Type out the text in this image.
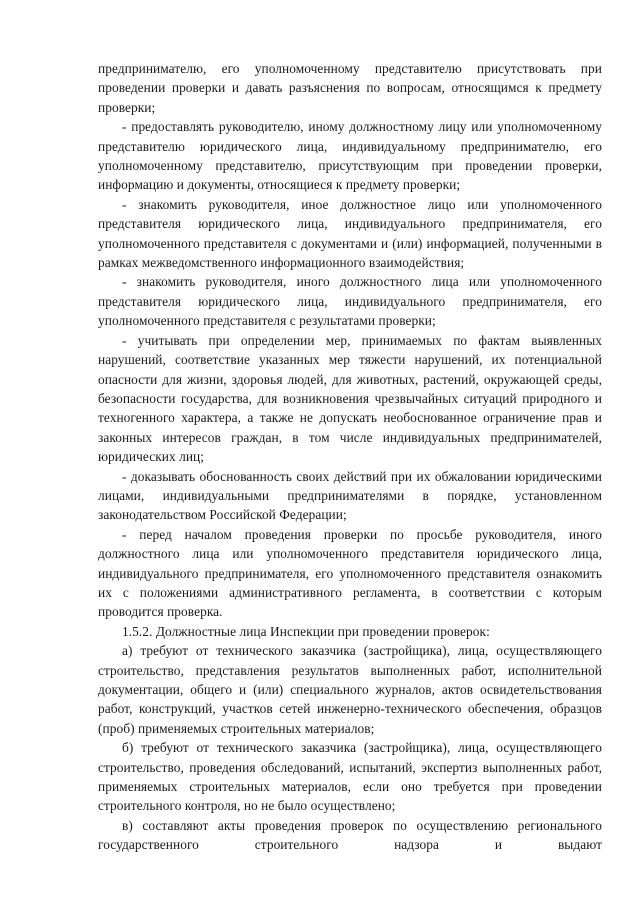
предпринимателю, его уполномоченному представителю присутствовать при проведении проверки и давать разъяснения по вопросам, относящимся к предмету проверки;

- предоставлять руководителю, иному должностному лицу или уполномоченному представителю юридического лица, индивидуальному предпринимателю, его уполномоченному представителю, присутствующим при проведении проверки, информацию и документы, относящиеся к предмету проверки;

- знакомить руководителя, иное должностное лицо или уполномоченного представителя юридического лица, индивидуального предпринимателя, его уполномоченного представителя с документами и (или) информацией, полученными в рамках межведомственного информационного взаимодействия;

- знакомить руководителя, иного должностного лица или уполномоченного представителя юридического лица, индивидуального предпринимателя, его уполномоченного представителя с результатами проверки;

- учитывать при определении мер, принимаемых по фактам выявленных нарушений, соответствие указанных мер тяжести нарушений, их потенциальной опасности для жизни, здоровья людей, для животных, растений, окружающей среды, безопасности государства, для возникновения чрезвычайных ситуаций природного и техногенного характера, а также не допускать необоснованное ограничение прав и законных интересов граждан, в том числе индивидуальных предпринимателей, юридических лиц;

- доказывать обоснованность своих действий при их обжаловании юридическими лицами, индивидуальными предпринимателями в порядке, установленном законодательством Российской Федерации;

- перед началом проведения проверки по просьбе руководителя, иного должностного лица или уполномоченного представителя юридического лица, индивидуального предпринимателя, его уполномоченного представителя ознакомить их с положениями административного регламента, в соответствии с которым проводится проверка.

1.5.2. Должностные лица Инспекции при проведении проверок:

а) требуют от технического заказчика (застройщика), лица, осуществляющего строительство, представления результатов выполненных работ, исполнительной документации, общего и (или) специального журналов, актов освидетельствования работ, конструкций, участков сетей инженерно-технического обеспечения, образцов (проб) применяемых строительных материалов;

б) требуют от технического заказчика (застройщика), лица, осуществляющего строительство, проведения обследований, испытаний, экспертиз выполненных работ, применяемых строительных материалов, если оно требуется при проведении строительного контроля, но не было осуществлено;

в) составляют акты проведения проверок по осуществлению регионального государственного строительного надзора и выдают
